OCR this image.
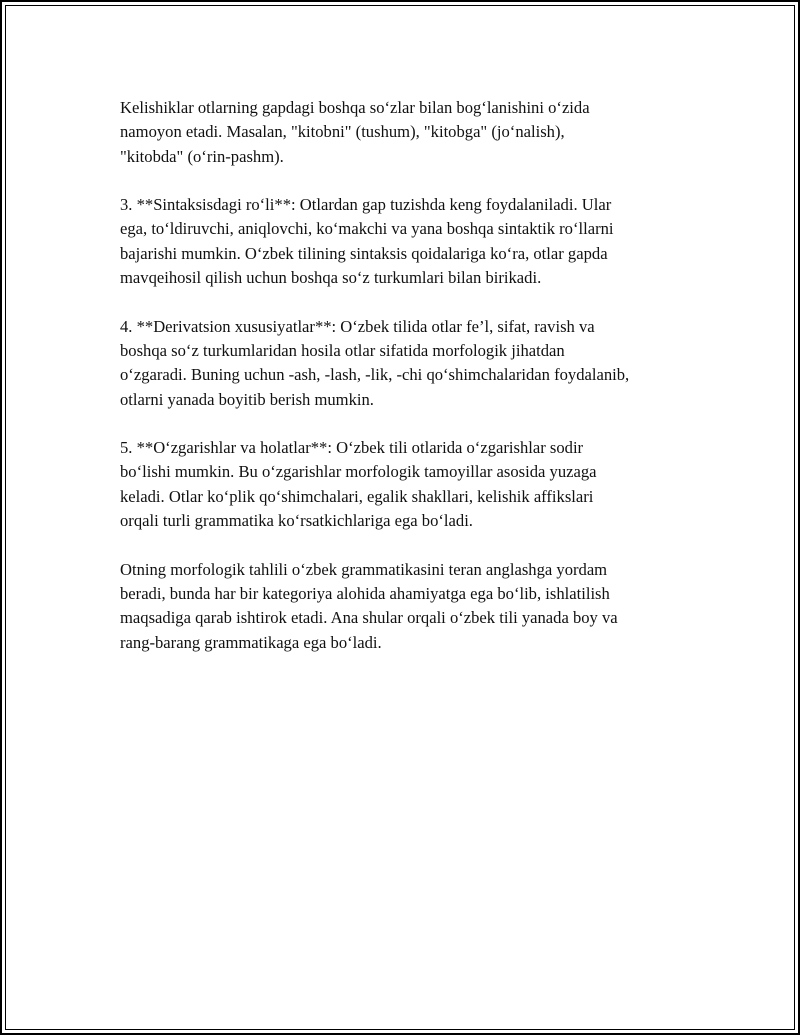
Kelishiklar otlarning gapdagi boshqa so‘zlar bilan bog‘lanishini o‘zida
namoyon etadi. Masalan, "kitobni" (tushum), "kitobga" (jo‘nalish),
"kitobda" (o‘rin-pashm).

3. **Sintaksisdagi ro‘li**: Otlardan gap tuzishda keng foydalaniladi. Ular
ega, to‘ldiruvchi, aniqlovchi, ko‘makchi va yana boshqa sintaktik ro‘llarni
bajarishi mumkin. O‘zbek tilining sintaksis qoidalariga ko‘ra, otlar gapda
mavqeihosil qilish uchun boshqa so‘z turkumlari bilan birikadi.

4. **Derivatsion xususiyatlar**: O‘zbek tilida otlar fe’l, sifat, ravish va
boshqa so‘z turkumlaridan hosila otlar sifatida morfologik jihatdan
o‘zgaradi. Buning uchun -ash, -lash, -lik, -chi qo‘shimchalaridan foydalanib,
otlarni yanada boyitib berish mumkin.

5. **O‘zgarishlar va holatlar**: O‘zbek tili otlarida o‘zgarishlar sodir
bo‘lishi mumkin. Bu o‘zgarishlar morfologik tamoyillar asosida yuzaga
keladi. Otlar ko‘plik qo‘shimchalari, egalik shakllari, kelishik affikslari
orqali turli grammatika ko‘rsatkichlariga ega bo‘ladi.

Otning morfologik tahlili o‘zbek grammatikasini teran anglashga yordam
beradi, bunda har bir kategoriya alohida ahamiyatga ega bo‘lib, ishlatilish
maqsadiga qarab ishtirok etadi. Ana shular orqali o‘zbek tili yanada boy va
rang-barang grammatikaga ega bo‘ladi.
